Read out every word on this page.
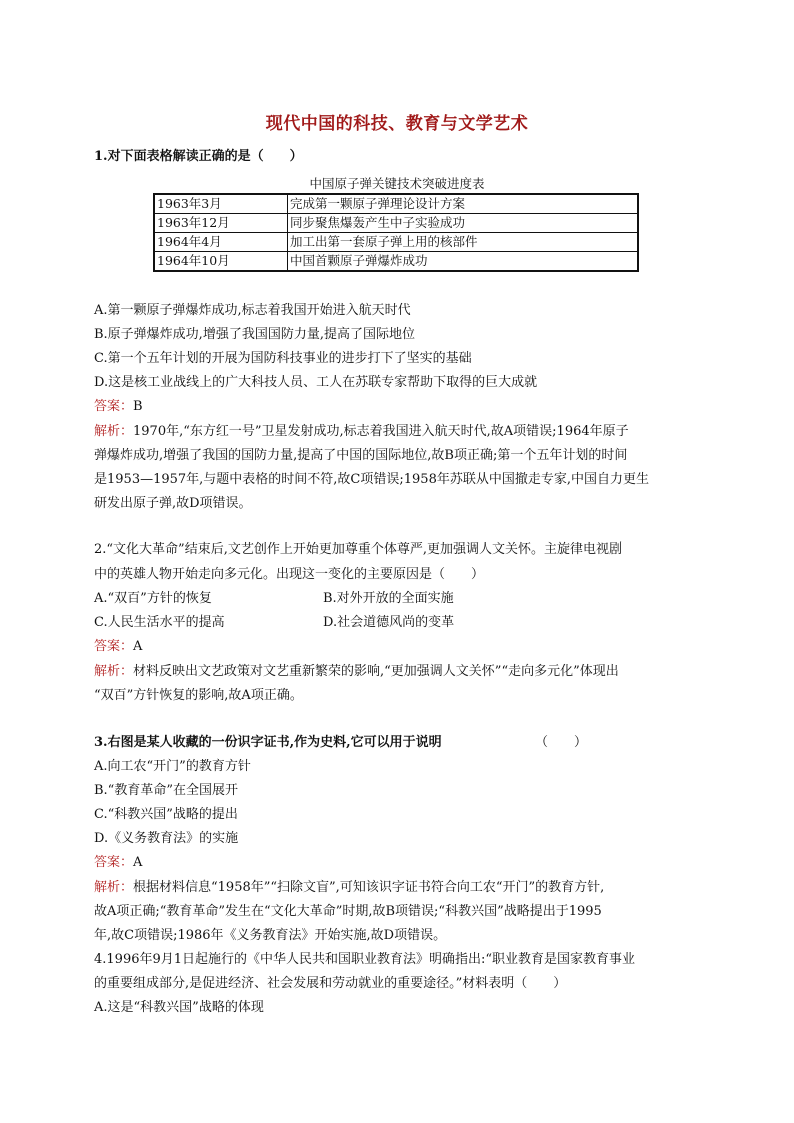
现代中国的科技、教育与文学艺术
1.对下面表格解读正确的是（　　）
中国原子弹关键技术突破进度表
1963年3月	完成第一颗原子弹理论设计方案
1963年12月	同步聚焦爆轰产生中子实验成功
1964年4月	加工出第一套原子弹上用的核部件
1964年10月	中国首颗原子弹爆炸成功
A.第一颗原子弹爆炸成功,标志着我国开始进入航天时代
B.原子弹爆炸成功,增强了我国国防力量,提高了国际地位
C.第一个五年计划的开展为国防科技事业的进步打下了坚实的基础
D.这是核工业战线上的广大科技人员、工人在苏联专家帮助下取得的巨大成就
答案：B
解析：1970年,“东方红一号”卫星发射成功,标志着我国进入航天时代,故A项错误;1964年原子
弹爆炸成功,增强了我国的国防力量,提高了中国的国际地位,故B项正确;第一个五年计划的时间
是1953—1957年,与题中表格的时间不符,故C项错误;1958年苏联从中国撤走专家,中国自力更生
研发出原子弹,故D项错误。
2.“文化大革命”结束后,文艺创作上开始更加尊重个体尊严,更加强调人文关怀。主旋律电视剧
中的英雄人物开始走向多元化。出现这一变化的主要原因是（　　）
A.“双百”方针的恢复	B.对外开放的全面实施
C.人民生活水平的提高	D.社会道德风尚的变革
答案：A
解析：材料反映出文艺政策对文艺重新繁荣的影响,“更加强调人文关怀”“走向多元化”体现出
“双百”方针恢复的影响,故A项正确。
3.右图是某人收藏的一份识字证书,作为史料,它可以用于说明	（　　）
A.向工农“开门”的教育方针
B.“教育革命”在全国展开
C.“科教兴国”战略的提出
D.《义务教育法》的实施
答案：A
解析：根据材料信息“1958年”“扫除文盲”,可知该识字证书符合向工农“开门”的教育方针,
故A项正确;“教育革命”发生在“文化大革命”时期,故B项错误;“科教兴国”战略提出于1995
年,故C项错误;1986年《义务教育法》开始实施,故D项错误。
4.1996年9月1日起施行的《中华人民共和国职业教育法》明确指出:“职业教育是国家教育事业
的重要组成部分,是促进经济、社会发展和劳动就业的重要途径。”材料表明（　　）
A.这是“科教兴国”战略的体现
